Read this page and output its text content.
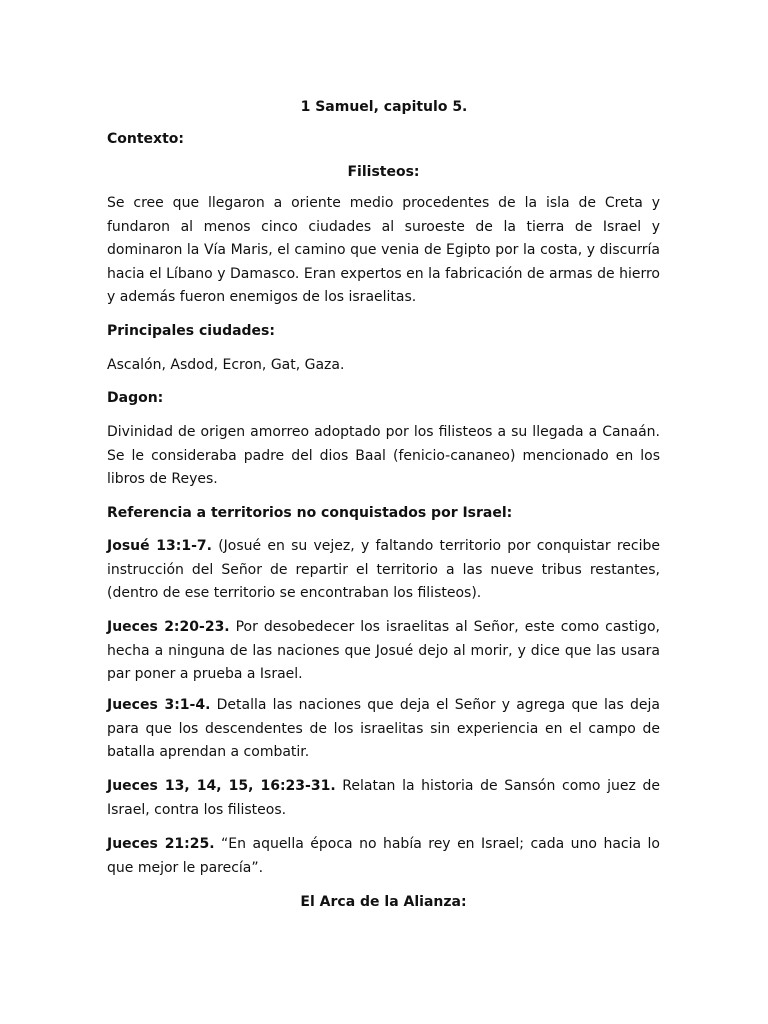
1 Samuel, capitulo 5.

Contexto:

Filisteos:

Se cree que llegaron a oriente medio procedentes de la isla de Creta y fundaron al menos cinco ciudades al suroeste de la tierra de Israel y dominaron la Vía Maris, el camino que venia de Egipto por la costa, y discurría hacia el Líbano y Damasco. Eran expertos en la fabricación de armas de hierro y además fueron enemigos de los israelitas.

Principales ciudades:

Ascalón, Asdod, Ecron, Gat, Gaza.

Dagon:

Divinidad de origen amorreo adoptado por los filisteos a su llegada a Canaán. Se le consideraba padre del dios Baal (fenicio-cananeo) mencionado en los libros de Reyes.

Referencia a territorios no conquistados por Israel:

Josué 13:1-7. (Josué en su vejez, y faltando territorio por conquistar recibe instrucción del Señor de repartir el territorio a las nueve tribus restantes, (dentro de ese territorio se encontraban los filisteos).

Jueces 2:20-23. Por desobedecer los israelitas al Señor, este como castigo, hecha a ninguna de las naciones que Josué dejo al morir, y dice que las usara par poner a prueba a Israel.

Jueces 3:1-4. Detalla las naciones que deja el Señor y agrega que las deja para que los descendentes de los israelitas sin experiencia en el campo de batalla aprendan a combatir.

Jueces 13, 14, 15, 16:23-31. Relatan la historia de Sansón como juez de Israel, contra los filisteos.

Jueces 21:25. “En aquella época no había rey en Israel; cada uno hacia lo que mejor le parecía”.

El Arca de la Alianza:
